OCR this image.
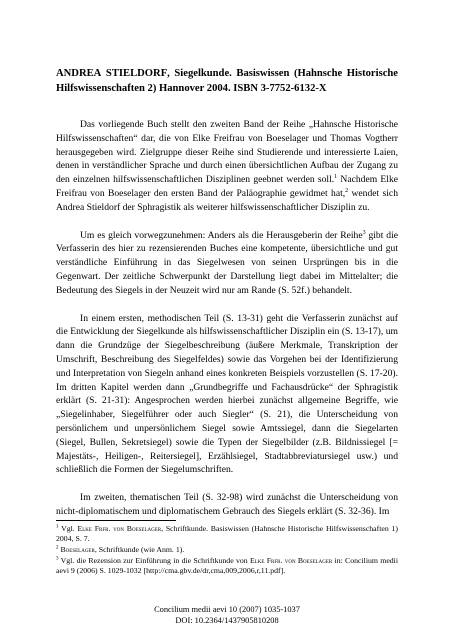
ANDREA STIELDORF, Siegelkunde. Basiswissen (Hahnsche Historische Hilfswissenschaften 2) Hannover 2004. ISBN 3-7752-6132-X

Das vorliegende Buch stellt den zweiten Band der Reihe „Hahnsche Historische Hilfswissenschaften“ dar, die von Elke Freifrau von Boeselager und Thomas Vogtherr herausgegeben wird. Zielgruppe dieser Reihe sind Studierende und interessierte Laien, denen in verständlicher Sprache und durch einen übersichtlichen Aufbau der Zugang zu den einzelnen hilfswissenschaftlichen Disziplinen geebnet werden soll.$^1$ Nachdem Elke Freifrau von Boeselager den ersten Band der Paläographie gewidmet hat,$^2$ wendet sich Andrea Stieldorf der Sphragistik als weiterer hilfswissenschaftlicher Disziplin zu.

Um es gleich vorwegzunehmen: Anders als die Herausgeberin der Reihe$^3$ gibt die Verfasserin des hier zu rezensierenden Buches eine kompetente, übersichtliche und gut verständliche Einführung in das Siegelwesen von seinen Ursprüngen bis in die Gegenwart. Der zeitliche Schwerpunkt der Darstellung liegt dabei im Mittelalter; die Bedeutung des Siegels in der Neuzeit wird nur am Rande (S. 52f.) behandelt.

In einem ersten, methodischen Teil (S. 13-31) geht die Verfasserin zunächst auf die Entwicklung der Siegelkunde als hilfswissenschaftlicher Disziplin ein (S. 13-17), um dann die Grundzüge der Siegelbeschreibung (äußere Merkmale, Transkription der Umschrift, Beschreibung des Siegelfeldes) sowie das Vorgehen bei der Identifizierung und Interpretation von Siegeln anhand eines konkreten Beispiels vorzustellen (S. 17-20). Im dritten Kapitel werden dann „Grundbegriffe und Fachausdrücke“ der Sphragistik erklärt (S. 21-31): Angesprochen werden hierbei zunächst allgemeine Begriffe, wie „Siegelinhaber, Siegelführer oder auch Siegler“ (S. 21), die Unterscheidung von persönlichem und unpersönlichem Siegel sowie Amtssiegel, dann die Siegelarten (Siegel, Bullen, Sekretsiegel) sowie die Typen der Siegelbilder (z.B. Bildnissiegel [= Majestäts-, Heiligen-, Reitersiegel], Erzählsiegel, Stadtabbreviatursiegel usw.) und schließlich die Formen der Siegelumschriften.

Im zweiten, thematischen Teil (S. 32-98) wird zunächst die Unterscheidung von nicht-diplomatischem und diplomatischem Gebrauch des Siegels erklärt (S. 32-36). Im

$^1$ Vgl. Elke Frfr. von Boeselager, Schriftkunde. Basiswissen (Hahnsche Historische Hilfswissenschaften 1) 2004, S. 7.
$^2$ Boeselager, Schriftkunde (wie Anm. 1).
$^3$ Vgl. die Rezension zur Einführung in die Schriftkunde von Elke Frfr. von Boeselager in: Concilium medii aevi 9 (2006) S. 1029-1032 [http://cma.gbv.de/dr,cma,009,2006,r,11.pdf].
Concilium medii aevi 10 (2007) 1035-1037
DOI: 10.2364/1437905810208
